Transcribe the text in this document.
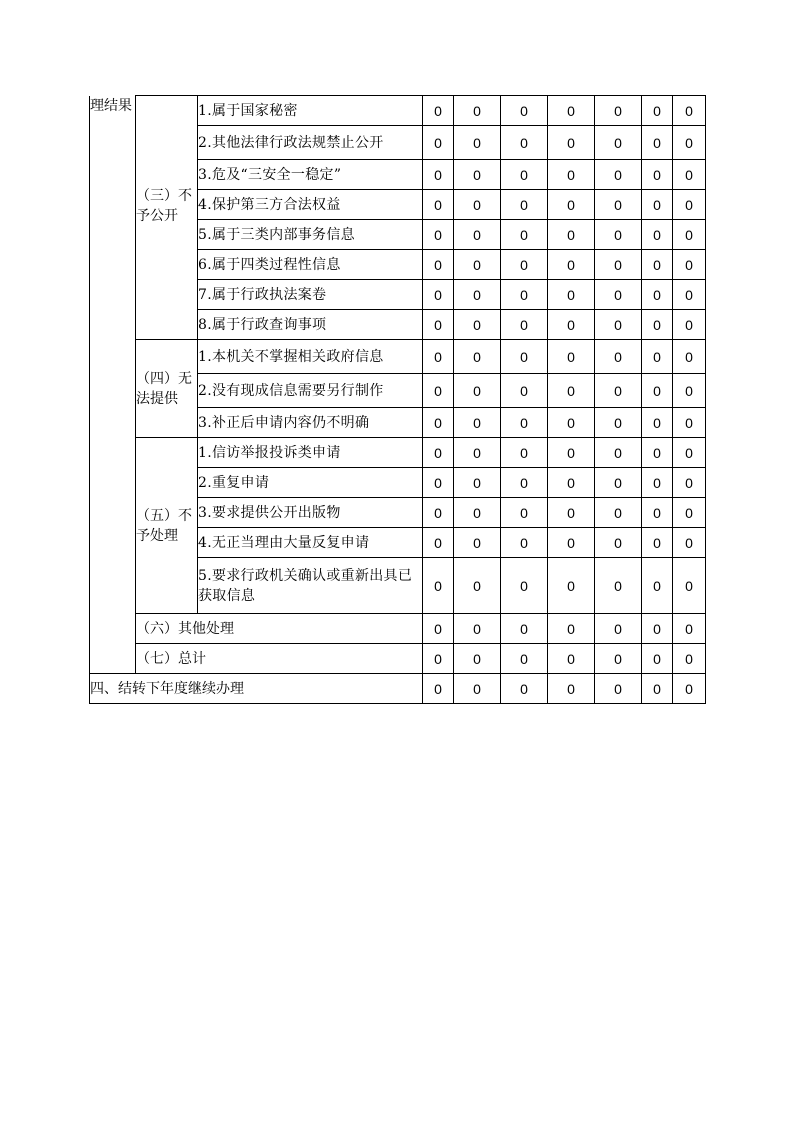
理结果	（三）不予公开	1.属于国家秘密	0	0	0	0	0	0	0
		2.其他法律行政法规禁止公开	0	0	0	0	0	0	0
		3.危及“三安全一稳定”	0	0	0	0	0	0	0
		4.保护第三方合法权益	0	0	0	0	0	0	0
		5.属于三类内部事务信息	0	0	0	0	0	0	0
		6.属于四类过程性信息	0	0	0	0	0	0	0
		7.属于行政执法案卷	0	0	0	0	0	0	0
		8.属于行政查询事项	0	0	0	0	0	0	0
	（四）无法提供	1.本机关不掌握相关政府信息	0	0	0	0	0	0	0
		2.没有现成信息需要另行制作	0	0	0	0	0	0	0
		3.补正后申请内容仍不明确	0	0	0	0	0	0	0
	（五）不予处理	1.信访举报投诉类申请	0	0	0	0	0	0	0
		2.重复申请	0	0	0	0	0	0	0
		3.要求提供公开出版物	0	0	0	0	0	0	0
		4.无正当理由大量反复申请	0	0	0	0	0	0	0
		5.要求行政机关确认或重新出具已获取信息	0	0	0	0	0	0	0
	（六）其他处理		0	0	0	0	0	0	0
	（七）总计		0	0	0	0	0	0	0
四、结转下年度继续办理			0	0	0	0	0	0	0
